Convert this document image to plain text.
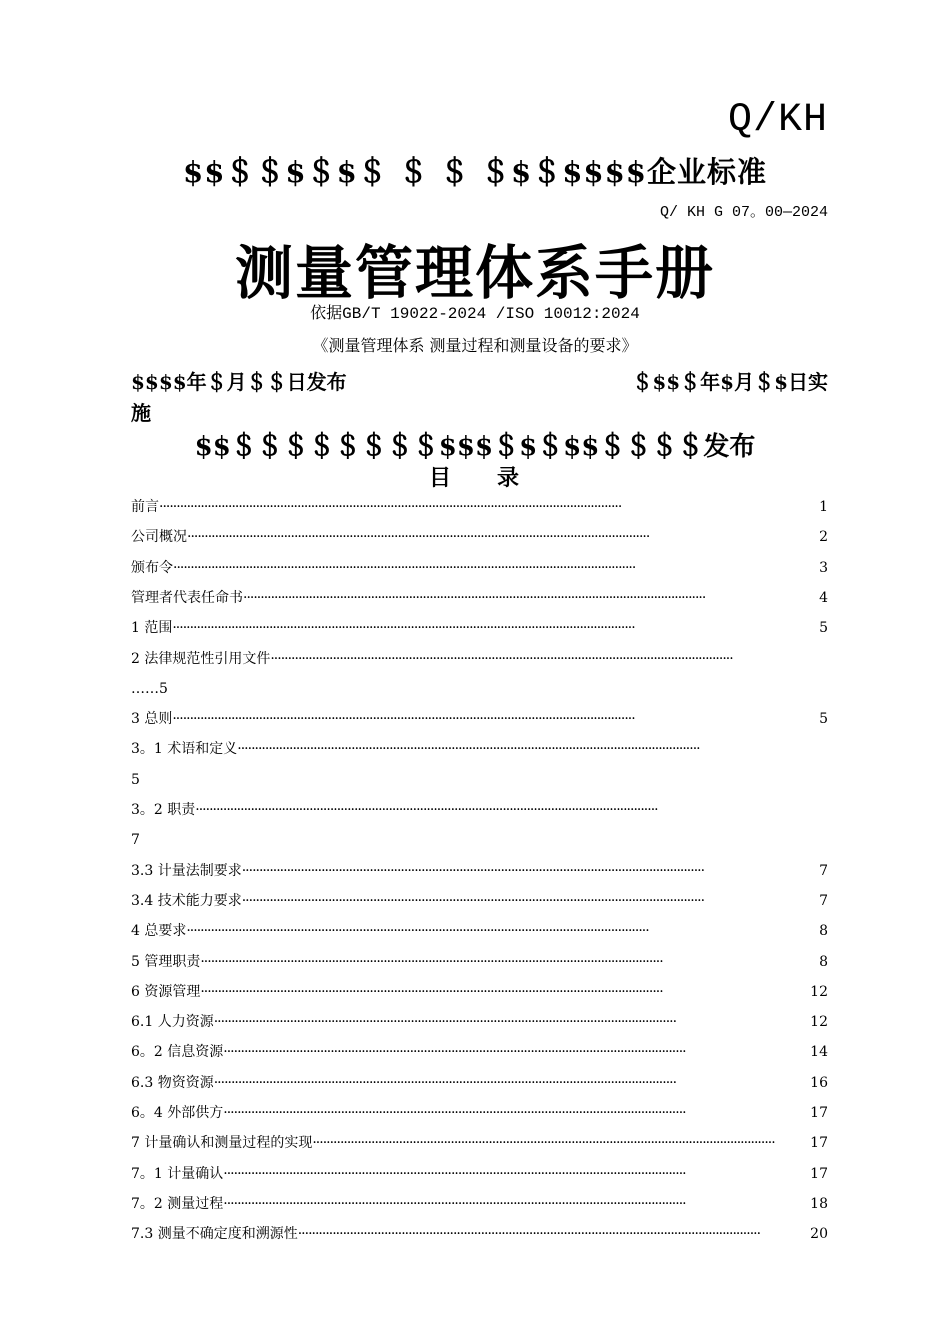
Q/KH
$$＄＄$＄$＄ ＄ ＄ ＄$＄$$$$企业标准
Q/ KH G 07。00—2024
测量管理体系手册
依据GB/T 19022-2024 /ISO 10012:2024
《测量管理体系 测量过程和测量设备的要求》
$$$$年＄月＄＄日发布	＄$$＄年$月＄$日实
施
$$＄＄＄＄＄＄＄＄$$$＄$＄$$＄＄＄＄发布
目 录
前言	1
······································································································································
公司概况	2
······································································································································
颁布令	3
······································································································································
管理者代表任命书	4
······································································································································
1 范围	5
······································································································································
2 法律规范性引用文件 ······································································································································
……5
3 总则	5
······································································································································
3。1 术语和定义 ······································································································································
5
3。2 职责 ······································································································································
7
3.3 计量法制要求	7
······································································································································
3.4 技术能力要求	7
······································································································································
4 总要求	8
······································································································································
5 管理职责	8
······································································································································
6 资源管理	12
······································································································································
6.1 人力资源	12
······································································································································
6。2 信息资源	14
······································································································································
6.3 物资资源	16
······································································································································
6。4 外部供方	17
······································································································································
7 计量确认和测量过程的实现	17
······································································································································
7。1 计量确认	17
······································································································································
7。2 测量过程	18
······································································································································
7.3 测量不确定度和溯源性	20
······································································································································
